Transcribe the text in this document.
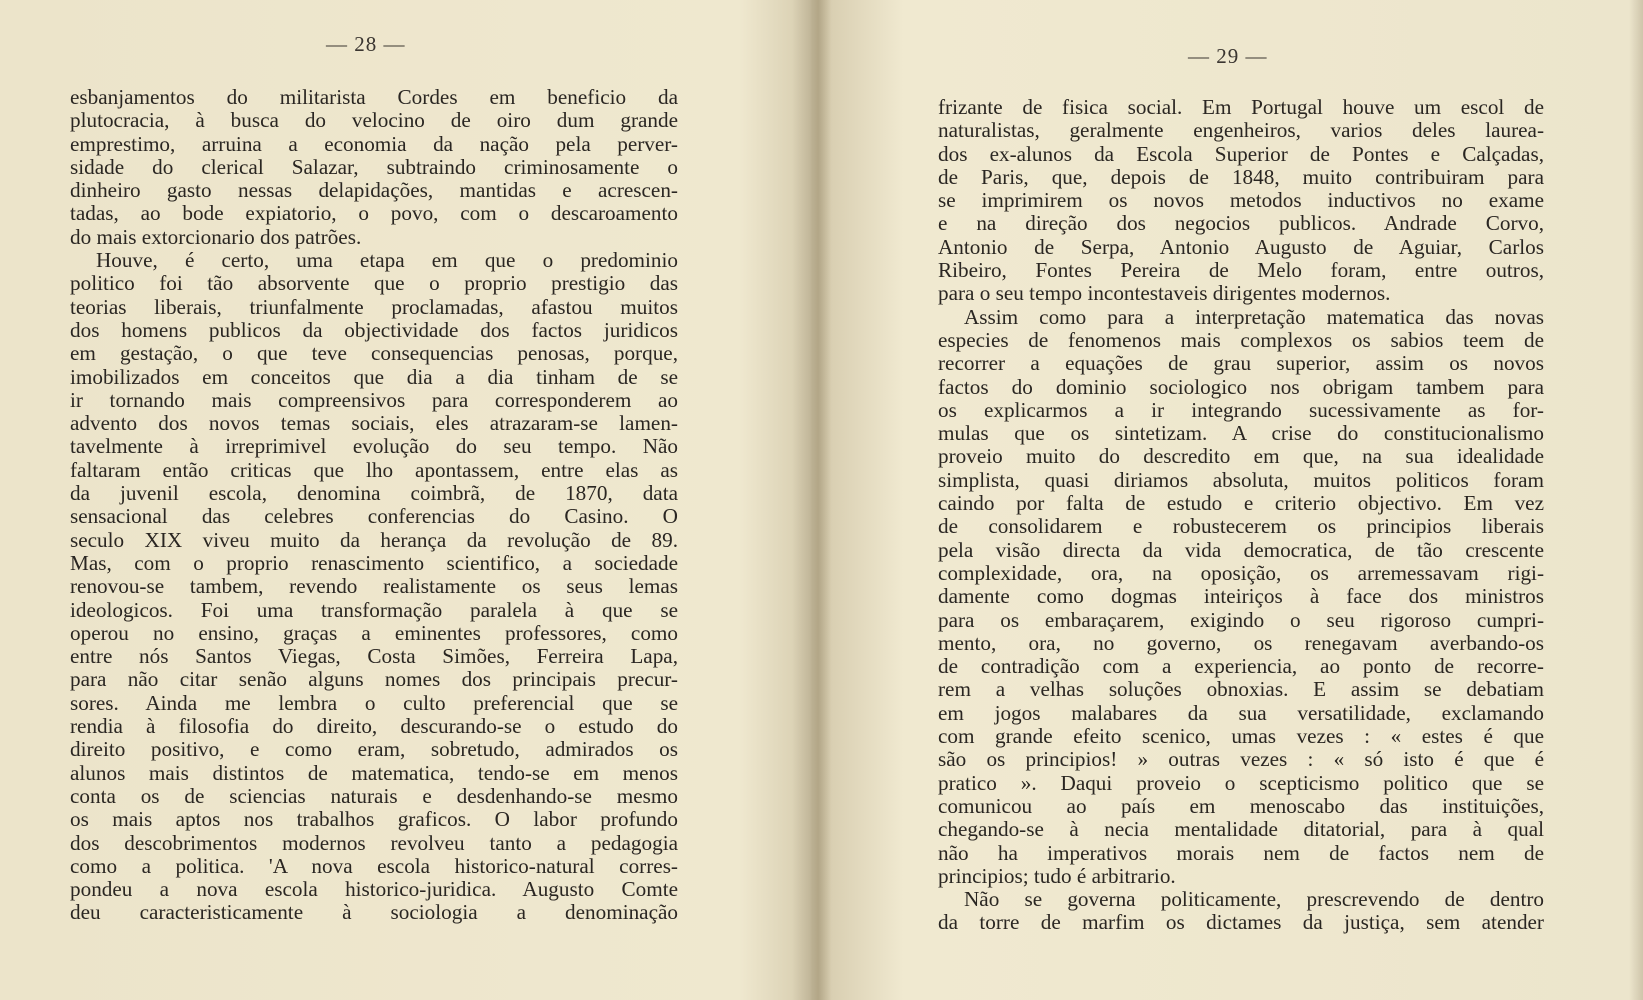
— 28 —
esbanjamentos do militarista Cordes em beneficio da
plutocracia, à busca do velocino de oiro dum grande
emprestimo, arruina a economia da nação pela perver-
sidade do clerical Salazar, subtraindo criminosamente o
dinheiro gasto nessas delapidações, mantidas e acrescen-
tadas, ao bode expiatorio, o povo, com o descaroamento
do mais extorcionario dos patrões.
Houve, é certo, uma etapa em que o predominio
politico foi tão absorvente que o proprio prestigio das
teorias liberais, triunfalmente proclamadas, afastou muitos
dos homens publicos da objectividade dos factos juridicos
em gestação, o que teve consequencias penosas, porque,
imobilizados em conceitos que dia a dia tinham de se
ir tornando mais compreensivos para corresponderem ao
advento dos novos temas sociais, eles atrazaram-se lamen-
tavelmente à irreprimivel evolução do seu tempo. Não
faltaram então criticas que lho apontassem, entre elas as
da juvenil escola, denomina coimbrã, de 1870, data
sensacional das celebres conferencias do Casino. O
seculo XIX viveu muito da herança da revolução de 89.
Mas, com o proprio renascimento scientifico, a sociedade
renovou-se tambem, revendo realistamente os seus lemas
ideologicos. Foi uma transformação paralela à que se
operou no ensino, graças a eminentes professores, como
entre nós Santos Viegas, Costa Simões, Ferreira Lapa,
para não citar senão alguns nomes dos principais precur-
sores. Ainda me lembra o culto preferencial que se
rendia à filosofia do direito, descurando-se o estudo do
direito positivo, e como eram, sobretudo, admirados os
alunos mais distintos de matematica, tendo-se em menos
conta os de sciencias naturais e desdenhando-se mesmo
os mais aptos nos trabalhos graficos. O labor profundo
dos descobrimentos modernos revolveu tanto a pedagogia
como a politica. 'A nova escola historico-natural corres-
pondeu a nova escola historico-juridica. Augusto Comte
deu caracteristicamente à sociologia a denominação
— 29 —
frizante de fisica social. Em Portugal houve um escol de
naturalistas, geralmente engenheiros, varios deles laurea-
dos ex-alunos da Escola Superior de Pontes e Calçadas,
de Paris, que, depois de 1848, muito contribuiram para
se imprimirem os novos metodos inductivos no exame
e na direção dos negocios publicos. Andrade Corvo,
Antonio de Serpa, Antonio Augusto de Aguiar, Carlos
Ribeiro, Fontes Pereira de Melo foram, entre outros,
para o seu tempo incontestaveis dirigentes modernos.
Assim como para a interpretação matematica das novas
especies de fenomenos mais complexos os sabios teem de
recorrer a equações de grau superior, assim os novos
factos do dominio sociologico nos obrigam tambem para
os explicarmos a ir integrando sucessivamente as for-
mulas que os sintetizam. A crise do constitucionalismo
proveio muito do descredito em que, na sua idealidade
simplista, quasi diriamos absoluta, muitos politicos foram
caindo por falta de estudo e criterio objectivo. Em vez
de consolidarem e robustecerem os principios liberais
pela visão directa da vida democratica, de tão crescente
complexidade, ora, na oposição, os arremessavam rigi-
damente como dogmas inteiriços à face dos ministros
para os embaraçarem, exigindo o seu rigoroso cumpri-
mento, ora, no governo, os renegavam averbando-os
de contradição com a experiencia, ao ponto de recorre-
rem a velhas soluções obnoxias. E assim se debatiam
em jogos malabares da sua versatilidade, exclamando
com grande efeito scenico, umas vezes : « estes é que
são os principios! » outras vezes : « só isto é que é
pratico ». Daqui proveio o scepticismo politico que se
comunicou ao país em menoscabo das instituições,
chegando-se à necia mentalidade ditatorial, para à qual
não ha imperativos morais nem de factos nem de
principios; tudo é arbitrario.
Não se governa politicamente, prescrevendo de dentro
da torre de marfim os dictames da justiça, sem atender
